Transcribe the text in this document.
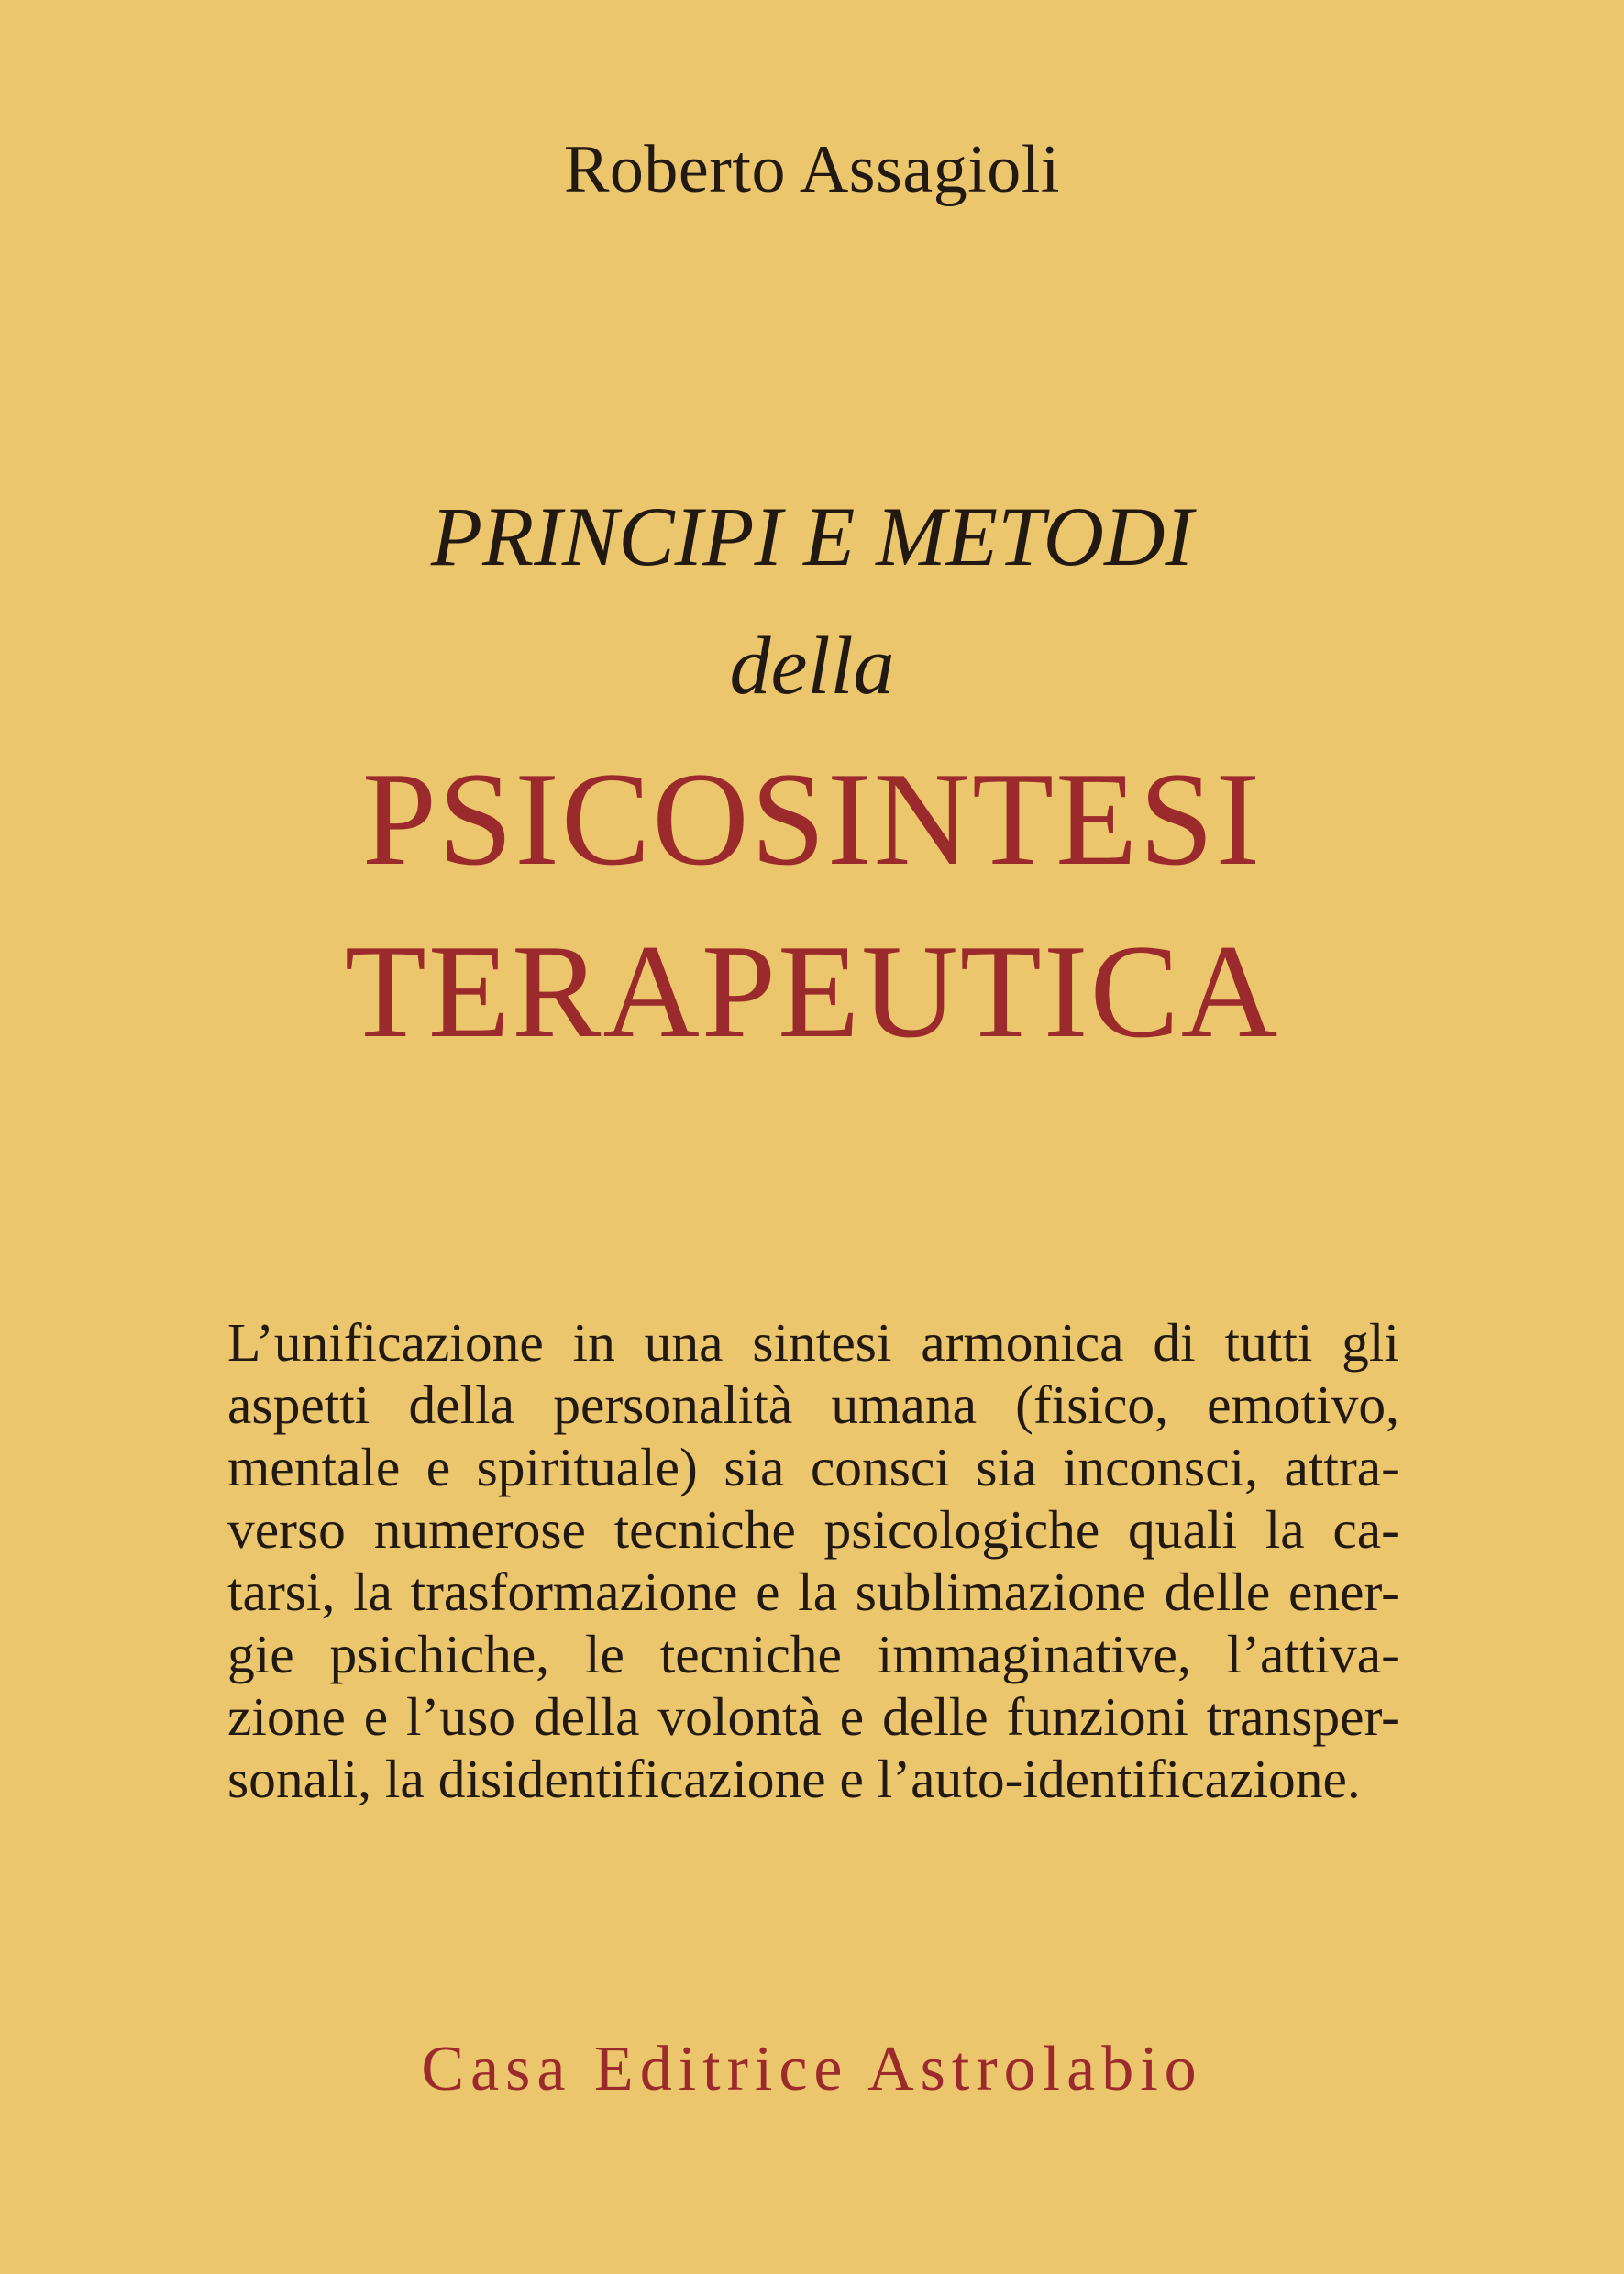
Roberto Assagioli
PRINCIPI E METODI
della
PSICOSINTESI
TERAPEUTICA
L’unificazione in una sintesi armonica di tutti gli
aspetti della personalità umana (fisico, emotivo,
mentale e spirituale) sia consci sia inconsci, attra-
verso numerose tecniche psicologiche quali la ca-
tarsi, la trasformazione e la sublimazione delle ener-
gie psichiche, le tecniche immaginative, l’attiva-
zione e l’uso della volontà e delle funzioni transper-
sonali, la disidentificazione e l’auto-identificazione.
Casa Editrice Astrolabio
